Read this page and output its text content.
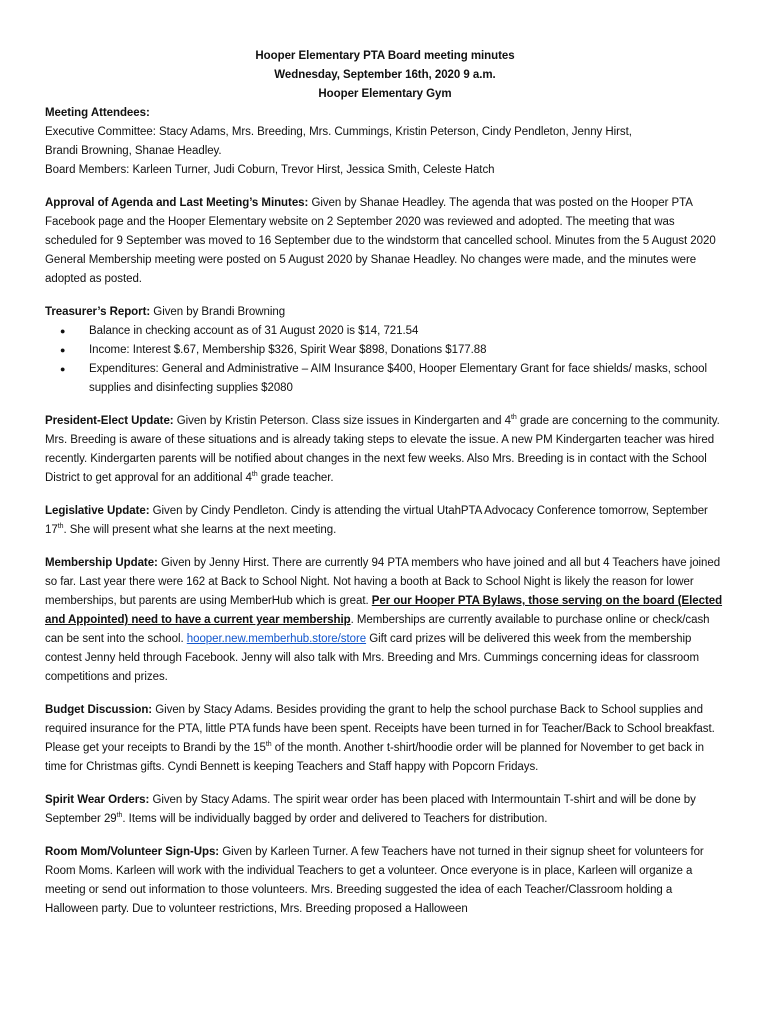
Hooper Elementary PTA Board meeting minutes
Wednesday, September 16th, 2020 9 a.m.
Hooper Elementary Gym
Meeting Attendees:
Executive Committee: Stacy Adams, Mrs. Breeding, Mrs. Cummings, Kristin Peterson, Cindy Pendleton, Jenny Hirst,
Brandi Browning, Shanae Headley.
Board Members: Karleen Turner, Judi Coburn, Trevor Hirst, Jessica Smith, Celeste Hatch

Approval of Agenda and Last Meeting’s Minutes: Given by Shanae Headley. The agenda that was posted on the Hooper PTA Facebook page and the Hooper Elementary website on 2 September 2020 was reviewed and adopted. The meeting that was scheduled for 9 September was moved to 16 September due to the windstorm that cancelled school. Minutes from the 5 August 2020 General Membership meeting were posted on 5 August 2020 by Shanae Headley. No changes were made, and the minutes were adopted as posted.

Treasurer’s Report: Given by Brandi Browning

● Balance in checking account as of 31 August 2020 is $14, 721.54
● Income: Interest $.67, Membership $326, Spirit Wear $898, Donations $177.88
● Expenditures: General and Administrative – AIM Insurance $400, Hooper Elementary Grant for face shields/ masks, school supplies and disinfecting supplies $2080

President-Elect Update: Given by Kristin Peterson. Class size issues in Kindergarten and 4th grade are concerning to the community. Mrs. Breeding is aware of these situations and is already taking steps to elevate the issue. A new PM Kindergarten teacher was hired recently. Kindergarten parents will be notified about changes in the next few weeks. Also Mrs. Breeding is in contact with the School District to get approval for an additional 4th grade teacher.

Legislative Update: Given by Cindy Pendleton. Cindy is attending the virtual UtahPTA Advocacy Conference tomorrow, September 17th. She will present what she learns at the next meeting.

Membership Update: Given by Jenny Hirst. There are currently 94 PTA members who have joined and all but 4 Teachers have joined so far. Last year there were 162 at Back to School Night. Not having a booth at Back to School Night is likely the reason for lower memberships, but parents are using MemberHub which is great. Per our Hooper PTA Bylaws, those serving on the board (Elected and Appointed) need to have a current year membership. Memberships are currently available to purchase online or check/cash can be sent into the school. hooper.new.memberhub.store/store Gift card prizes will be delivered this week from the membership contest Jenny held through Facebook. Jenny will also talk with Mrs. Breeding and Mrs. Cummings concerning ideas for classroom competitions and prizes.

Budget Discussion: Given by Stacy Adams. Besides providing the grant to help the school purchase Back to School supplies and required insurance for the PTA, little PTA funds have been spent. Receipts have been turned in for Teacher/Back to School breakfast. Please get your receipts to Brandi by the 15th of the month. Another t-shirt/hoodie order will be planned for November to get back in time for Christmas gifts. Cyndi Bennett is keeping Teachers and Staff happy with Popcorn Fridays.

Spirit Wear Orders: Given by Stacy Adams. The spirit wear order has been placed with Intermountain T-shirt and will be done by September 29th. Items will be individually bagged by order and delivered to Teachers for distribution.

Room Mom/Volunteer Sign-Ups: Given by Karleen Turner. A few Teachers have not turned in their signup sheet for volunteers for Room Moms. Karleen will work with the individual Teachers to get a volunteer. Once everyone is in place, Karleen will organize a meeting or send out information to those volunteers. Mrs. Breeding suggested the idea of each Teacher/Classroom holding a Halloween party. Due to volunteer restrictions, Mrs. Breeding proposed a Halloween
